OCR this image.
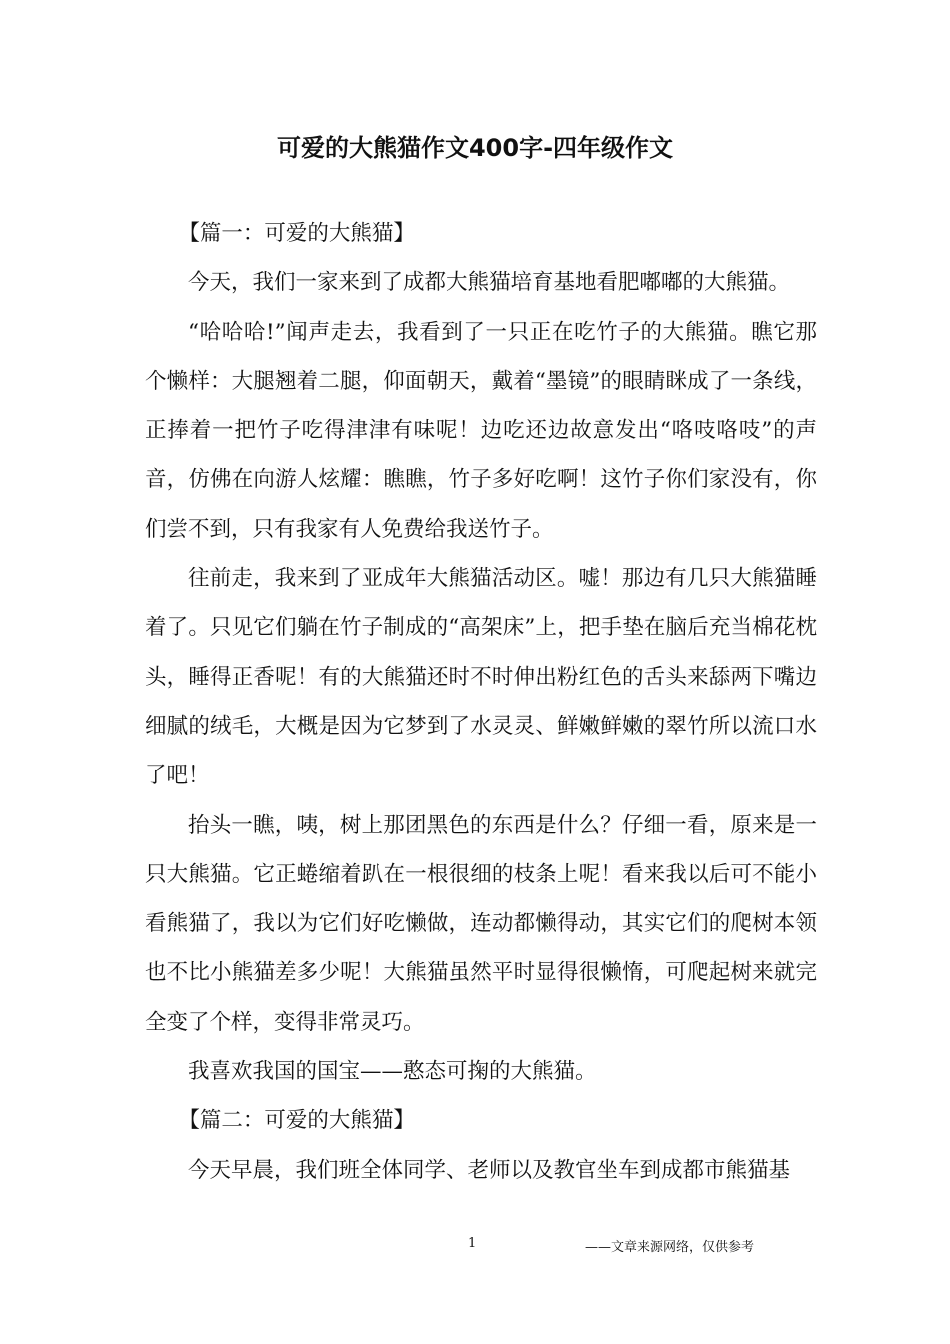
可爱的大熊猫作文400字-四年级作文

【篇一：可爱的大熊猫】

今天，我们一家来到了成都大熊猫培育基地看肥嘟嘟的大熊猫。

“哈哈哈!”闻声走去，我看到了一只正在吃竹子的大熊猫。瞧它那个懒样：大腿翘着二腿，仰面朝天，戴着“墨镜”的眼睛眯成了一条线，正捧着一把竹子吃得津津有味呢！边吃还边故意发出“咯吱咯吱”的声音，仿佛在向游人炫耀：瞧瞧，竹子多好吃啊！这竹子你们家没有，你们尝不到，只有我家有人免费给我送竹子。

往前走，我来到了亚成年大熊猫活动区。嘘！那边有几只大熊猫睡着了。只见它们躺在竹子制成的“高架床”上，把手垫在脑后充当棉花枕头，睡得正香呢！有的大熊猫还时不时伸出粉红色的舌头来舔两下嘴边细腻的绒毛，大概是因为它梦到了水灵灵、鲜嫩鲜嫩的翠竹所以流口水了吧！

抬头一瞧，咦，树上那团黑色的东西是什么？仔细一看，原来是一只大熊猫。它正蜷缩着趴在一根很细的枝条上呢！看来我以后可不能小看熊猫了，我以为它们好吃懒做，连动都懒得动，其实它们的爬树本领也不比小熊猫差多少呢！大熊猫虽然平时显得很懒惰，可爬起树来就完全变了个样，变得非常灵巧。

我喜欢我国的国宝——憨态可掬的大熊猫。

【篇二：可爱的大熊猫】

今天早晨，我们班全体同学、老师以及教官坐车到成都市熊猫基

1	——文章来源网络，仅供参考
